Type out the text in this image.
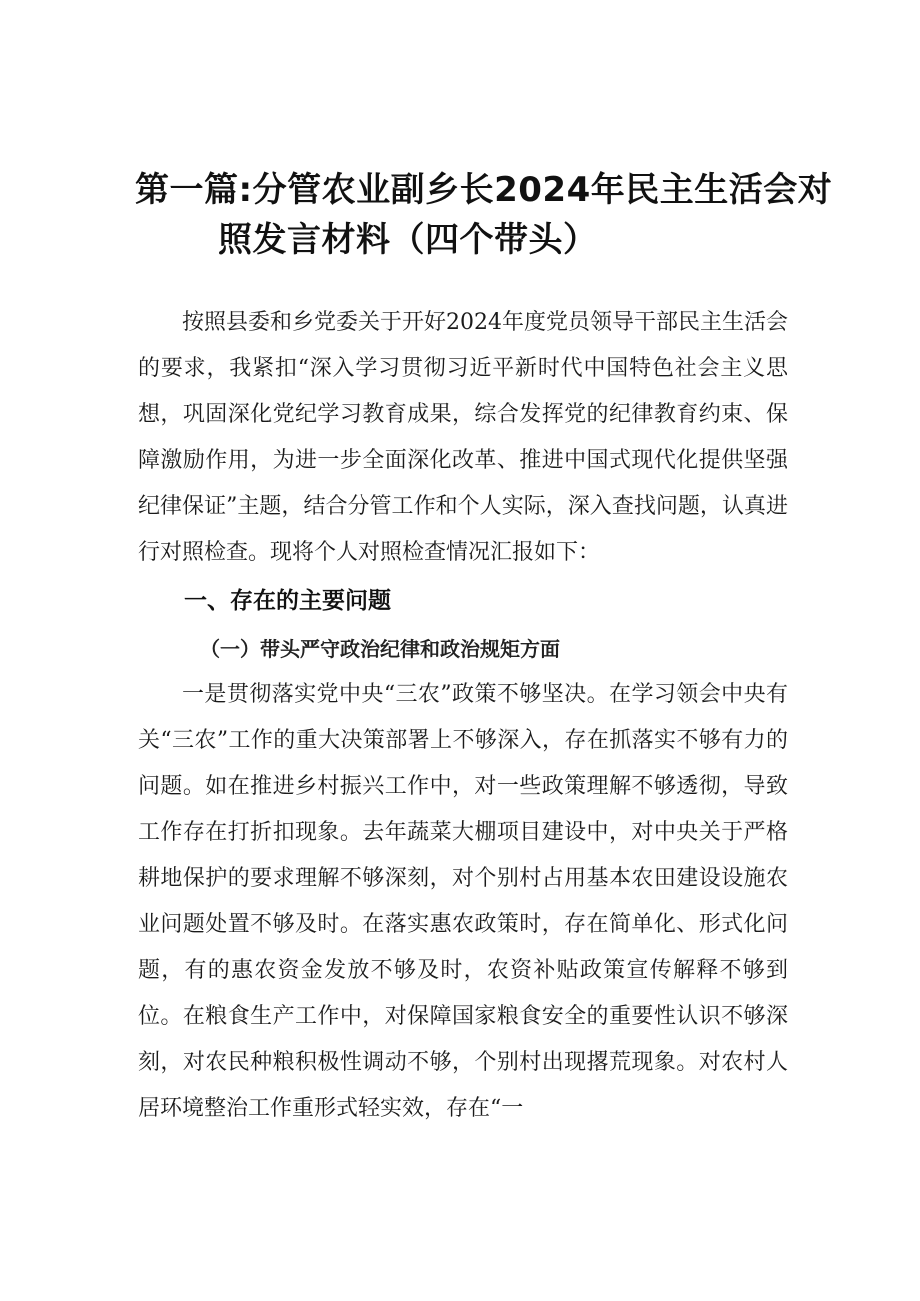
第一篇:分管农业副乡长2024年民主生活会对
照发言材料（四个带头）

按照县委和乡党委关于开好2024年度党员领导干部民主生活会的要求，我紧扣“深入学习贯彻习近平新时代中国特色社会主义思想，巩固深化党纪学习教育成果，综合发挥党的纪律教育约束、保障激励作用，为进一步全面深化改革、推进中国式现代化提供坚强纪律保证”主题，结合分管工作和个人实际，深入查找问题，认真进行对照检查。现将个人对照检查情况汇报如下：

一、存在的主要问题
（一）带头严守政治纪律和政治规矩方面

一是贯彻落实党中央“三农”政策不够坚决。在学习领会中央有关“三农”工作的重大决策部署上不够深入，存在抓落实不够有力的问题。如在推进乡村振兴工作中，对一些政策理解不够透彻，导致工作存在打折扣现象。去年蔬菜大棚项目建设中，对中央关于严格耕地保护的要求理解不够深刻，对个别村占用基本农田建设设施农业问题处置不够及时。在落实惠农政策时，存在简单化、形式化问题，有的惠农资金发放不够及时，农资补贴政策宣传解释不够到位。在粮食生产工作中，对保障国家粮食安全的重要性认识不够深刻，对农民种粮积极性调动不够，个别村出现撂荒现象。对农村人居环境整治工作重形式轻实效，存在“一
